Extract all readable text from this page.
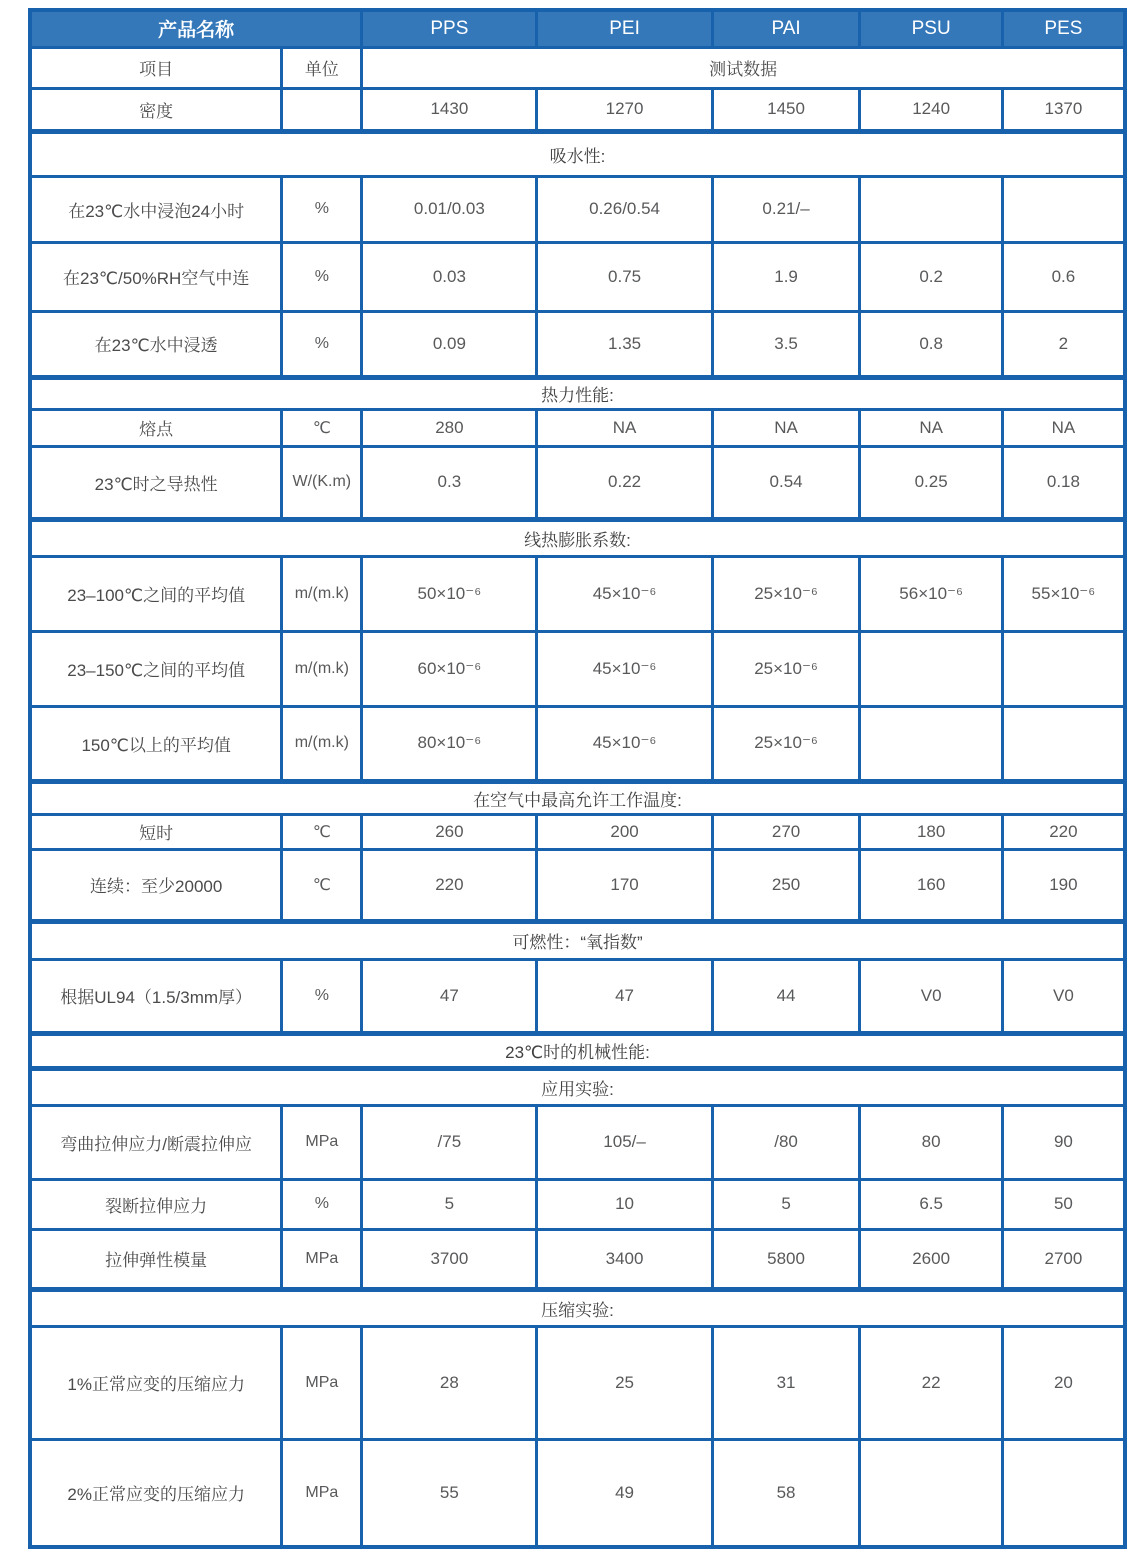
产品名称		PPS	PEI	PAI	PSU	PES
项目	单位	测试数据				
密度		1430	1270	1450	1240	1370
吸水性:						
在23℃水中浸泡24小时	%	0.01/0.03	0.26/0.54	0.21/–		
在23℃/50%RH空气中连	%	0.03	0.75	1.9	0.2	0.6
在23℃水中浸透	%	0.09	1.35	3.5	0.8	2
热力性能:						
熔点	℃	280	NA	NA	NA	NA
23℃时之导热性	W/(K.m)	0.3	0.22	0.54	0.25	0.18
线热膨胀系数:						
23–100℃之间的平均值	m/(m.k)	50×10⁻⁶	45×10⁻⁶	25×10⁻⁶	56×10⁻⁶	55×10⁻⁶
23–150℃之间的平均值	m/(m.k)	60×10⁻⁶	45×10⁻⁶	25×10⁻⁶		
150℃以上的平均值	m/(m.k)	80×10⁻⁶	45×10⁻⁶	25×10⁻⁶		
在空气中最高允许工作温度:						
短时	℃	260	200	270	180	220
连续：至少20000	℃	220	170	250	160	190
可燃性：“氧指数”						
根据UL94（1.5/3mm厚）	%	47	47	44	V0	V0
23℃时的机械性能:						
应用实验:						
弯曲拉伸应力/断震拉伸应	MPa	/75	105/–	/80	80	90
裂断拉伸应力	%	5	10	5	6.5	50
拉伸弹性模量	MPa	3700	3400	5800	2600	2700
压缩实验:						
1%正常应变的压缩应力	MPa	28	25	31	22	20
2%正常应变的压缩应力	MPa	55	49	58		
